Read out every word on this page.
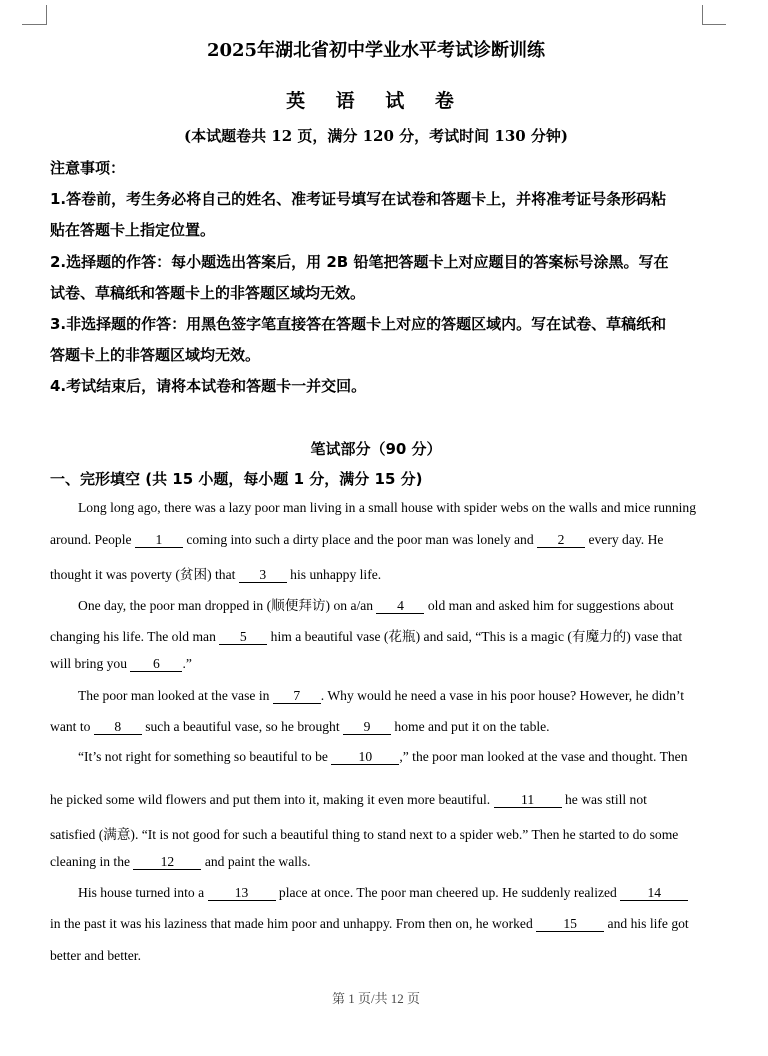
2025年湖北省初中学业水平考试诊断训练
英 语 试 卷
(本试题卷共 12 页，满分 120 分，考试时间 130 分钟)
注意事项：
1.答卷前，考生务必将自己的姓名、准考证号填写在试卷和答题卡上，并将准考证号条形码粘
贴在答题卡上指定位置。
2.选择题的作答：每小题选出答案后，用 2B 铅笔把答题卡上对应题目的答案标号涂黑。写在
试卷、草稿纸和答题卡上的非答题区域均无效。
3.非选择题的作答：用黑色签字笔直接答在答题卡上对应的答题区域内。写在试卷、草稿纸和
答题卡上的非答题区域均无效。
4.考试结束后，请将本试卷和答题卡一并交回。
笔试部分（90 分）
一、完形填空 (共 15 小题，每小题 1 分，满分 15 分)
Long long ago, there was a lazy poor man living in a small house with spider webs on the walls and mice running
around. People 1 coming into such a dirty place and the poor man was lonely and 2 every day. He
thought it was poverty (贫困) that 3 his unhappy life.
One day, the poor man dropped in (顺便拜访) on a/an 4 old man and asked him for suggestions about
changing his life. The old man 5 him a beautiful vase (花瓶) and said, “This is a magic (有魔力的) vase that
will bring you 6 .”
The poor man looked at the vase in 7 . Why would he need a vase in his poor house? However, he didn’t
want to 8 such a beautiful vase, so he brought 9 home and put it on the table.
“It’s not right for something so beautiful to be 10 ,” the poor man looked at the vase and thought. Then
he picked some wild flowers and put them into it, making it even more beautiful. 11 he was still not
satisfied (满意). “It is not good for such a beautiful thing to stand next to a spider web.” Then he started to do some
cleaning in the 12 and paint the walls.
His house turned into a 13 place at once. The poor man cheered up. He suddenly realized 14
in the past it was his laziness that made him poor and unhappy. From then on, he worked 15 and his life got
better and better.
第 1 页/共 12 页
